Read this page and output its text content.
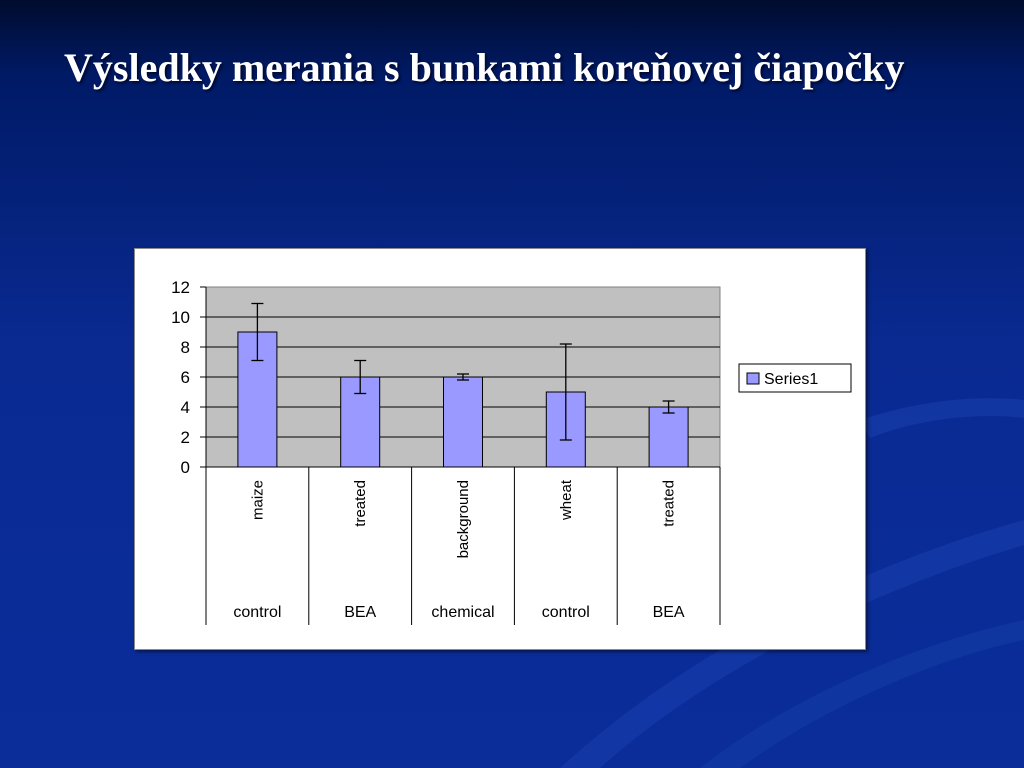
Výsledky merania s bunkami koreňovej čiapočky
0
2
4
6
8
10
12
maize
control
treated
BEA
background
chemical
wheat
control
treated
BEA
Series1
